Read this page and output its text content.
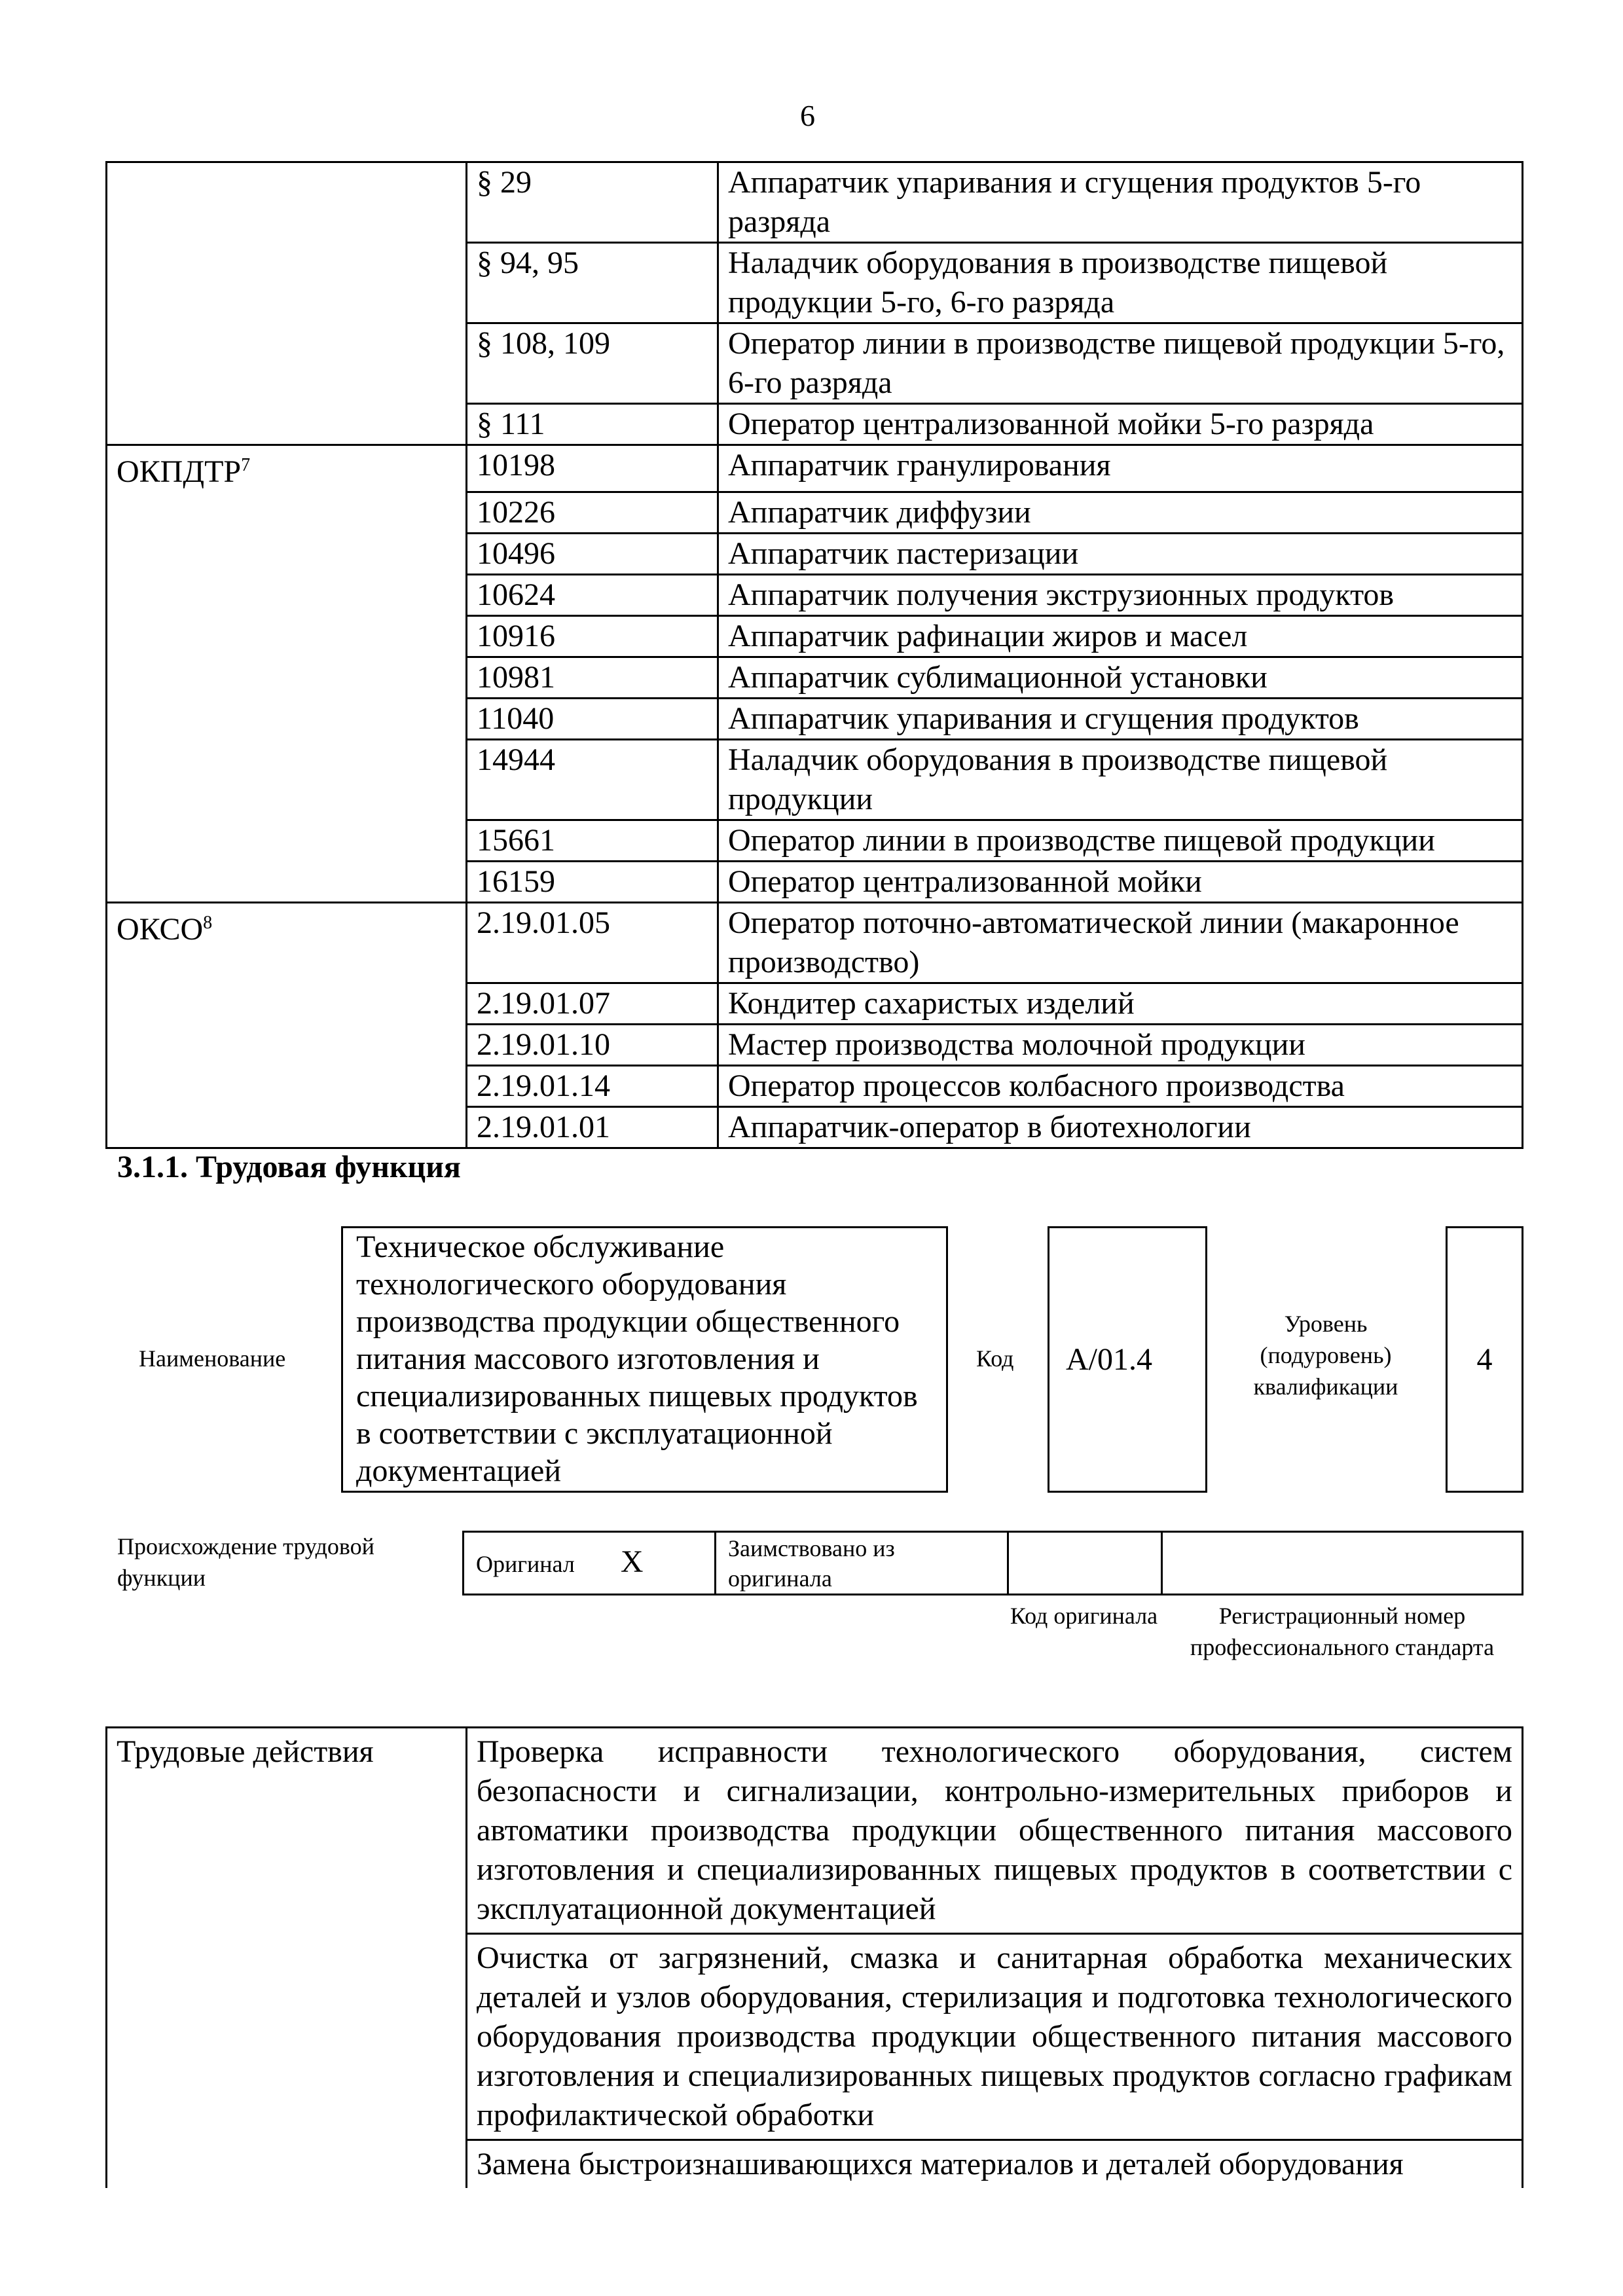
6
	§ 29	Аппаратчик упаривания и сгущения продуктов 5-го разряда
	§ 94, 95	Наладчик оборудования в производстве пищевой продукции 5-го, 6-го разряда
	§ 108, 109	Оператор линии в производстве пищевой продукции 5-го, 6-го разряда
	§ 111	Оператор централизованной мойки 5-го разряда
ОКПДТР$^7$	10198	Аппаратчик гранулирования
	10226	Аппаратчик диффузии
	10496	Аппаратчик пастеризации
	10624	Аппаратчик получения экструзионных продуктов
	10916	Аппаратчик рафинации жиров и масел
	10981	Аппаратчик сублимационной установки
	11040	Аппаратчик упаривания и сгущения продуктов
	14944	Наладчик оборудования в производстве пищевой продукции
	15661	Оператор линии в производстве пищевой продукции
	16159	Оператор централизованной мойки
ОКСО$^8$	2.19.01.05	Оператор поточно-автоматической линии (макаронное производство)
	2.19.01.07	Кондитер сахаристых изделий
	2.19.01.10	Мастер производства молочной продукции
	2.19.01.14	Оператор процессов колбасного производства
	2.19.01.01	Аппаратчик-оператор в биотехнологии
3.1.1. Трудовая функция
Наименование
Техническое обслуживание технологического оборудования производства продукции общественного питания массового изготовления и специализированных пищевых продуктов в соответствии с эксплуатационной документацией
Код	А/01.4
Уровень (подуровень) квалификации
4
Происхождение трудовой функции
Оригинал X	Заимствовано из оригинала		
Код оригинала	Регистрационный номер профессионального стандарта
Трудовые действия	Проверка исправности технологического оборудования, систем безопасности и сигнализации, контрольно-измерительных приборов и автоматики производства продукции общественного питания массового изготовления и специализированных пищевых продуктов в соответствии с эксплуатационной документацией
Очистка от загрязнений, смазка и санитарная обработка механических деталей и узлов оборудования, стерилизация и подготовка технологического оборудования производства продукции общественного питания массового изготовления и специализированных пищевых продуктов согласно графикам профилактической обработки
Замена быстроизнашивающихся материалов и деталей оборудования
